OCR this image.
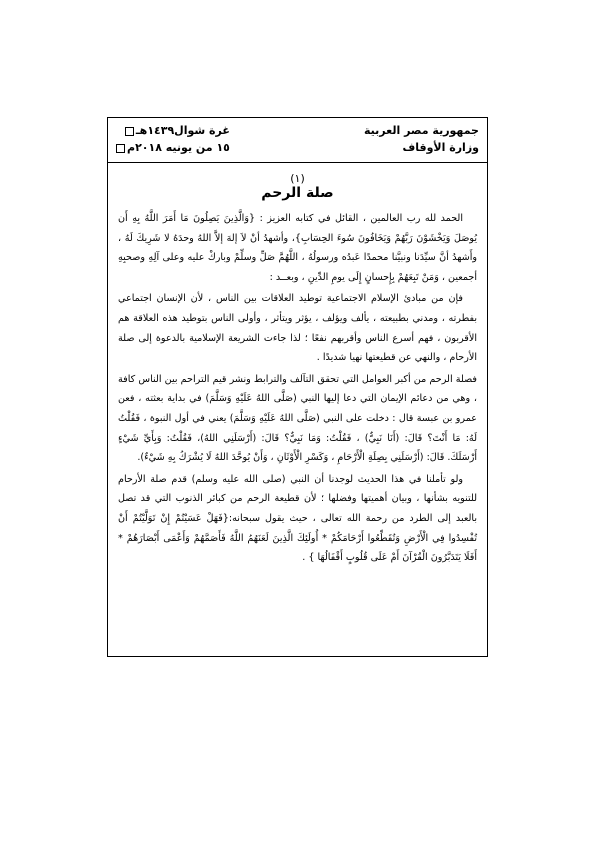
جمهورية مصر العربية
وزارة الأوقاف
غرة شوال١٤٣٩هـ
١٥ من يونيه ٢٠١٨م
(١)
صلة الرحم

الحمد لله رب العالمين ، القائل في كتابه العزيز : {وَالَّذِينَ يَصِلُونَ مَا أَمَرَ اللَّهُ بِهِ أَن يُوصَلَ وَيَخْشَوْنَ رَبَّهُمْ وَيَخَافُونَ سُوءَ الحِسَابِ}، وأشهدُ أنْ لاَ إلهَ إلاَّ اللهُ وحدَهُ لا شَرِيكَ لَهُ ، وأَشهدُ أنَّ سيِّدَنا ونبيَّنا محمدًا عَبدُه ورسولُهُ ، اللَّهُمَّ صَلِّ وسلِّمْ وباركْ عليه وعلى آلِهِ وصحبِهِ أجمعين ، وَمَنْ تَبِعَهُمْ بِإِحسانٍ إِلَى يومِ الدِّينِ ، وبعــد :

فإن من مبادئ الإسلام الاجتماعية توطيد العلاقات بين الناس ، لأن الإنسان اجتماعي بفطرته ، ومدني بطبيعته ، يألف ويؤلف ، يؤثر ويتأثر ، وأولى الناس بتوطيد هذه العلاقة هم الأقربون ، فهم أسرع الناس وأقربهم نفعًا ؛ لذا جاءت الشريعة الإسلامية بالدعوة إلى صلة الأرحام ، والنهي عن قطيعتها نهيا شديدًا .

فصلة الرحم من أكبر العوامل التي تحقق التآلف والترابط ونشر قيم التراحم بين الناس كافة ، وهي من دعائم الإيمان التي دعا إليها النبي (صَلَّى اللهُ عَلَيْهِ وَسَلَّمَ) في بداية بعثته ، فعن عمرو بن عبسة قال : دخلت على النبي (صَلَّى اللهُ عَلَيْهِ وَسَلَّمَ) يعني في أول النبوة ، فَقُلْتُ لَهُ: مَا أَنْتَ؟ قَالَ: (أَنَا نَبِيٌّ) ، فَقُلْتُ: وَمَا نَبِيٌّ؟ قَالَ: (أَرْسَلَنِي اللهُ)، فَقُلْتُ: وَبِأَيِّ شَيْءٍ أَرْسَلَكَ. قَالَ: (أَرْسَلَنِي بِصِلَةِ الْأَرْحَامِ ، وَكَسْرِ الْأَوْثَانِ ، وَأَنْ يُوحَّدَ اللهُ لَا يُشْرَكُ بِهِ شَيْءٌ).

ولو تأملنا في هذا الحديث لوجدنا أن النبي (صلى الله عليه وسلم) قدم صلة الأرحام للتنويه بشأنها ، وبيان أهميتها وفضلها ؛ لأن قطيعة الرحم من كبائر الذنوب التي قد تصل بالعبد إلى الطرد من رحمة الله تعالى ، حيث يقول سبحانه:{فَهَلْ عَسَيْتُمْ إِنْ تَوَلَّيْتُمْ أَنْ تُفْسِدُوا فِي الْأَرْضِ وَتُقَطِّعُوا أَرْحَامَكُمْ * أُولَئِكَ الَّذِينَ لَعَنَهُمُ اللَّهُ فَأَصَمَّهُمْ وَأَعْمَى أَبْصَارَهُمْ * أَفَلَا يَتَدَبَّرُونَ الْقُرْآنَ أَمْ عَلَى قُلُوبٍ أَقْفَالُهَا } .
